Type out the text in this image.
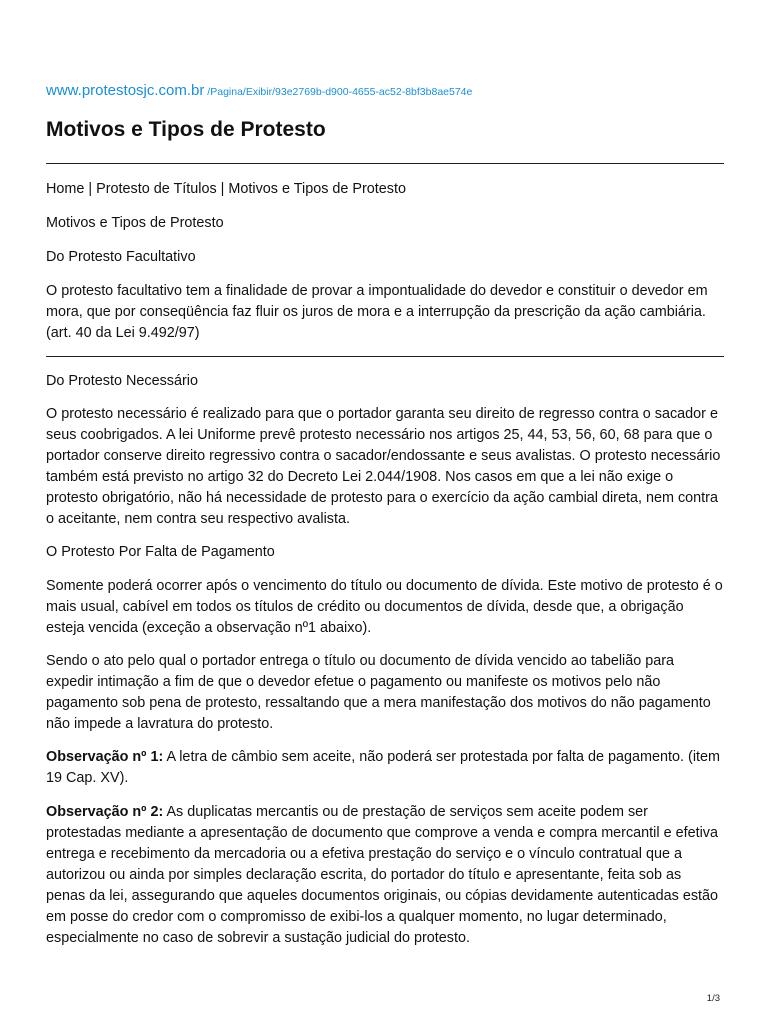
www.protestosjc.com.br /Pagina/Exibir/93e2769b-d900-4655-ac52-8bf3b8ae574e
Motivos e Tipos de Protesto

Home | Protesto de Títulos | Motivos e Tipos de Protesto

Motivos e Tipos de Protesto

Do Protesto Facultativo

O protesto facultativo tem a finalidade de provar a impontualidade do devedor e constituir o devedor em mora, que por conseqüência faz fluir os juros de mora e a interrupção da prescrição da ação cambiária. (art. 40 da Lei 9.492/97)

Do Protesto Necessário

O protesto necessário é realizado para que o portador garanta seu direito de regresso contra o sacador e seus coobrigados. A lei Uniforme prevê protesto necessário nos artigos 25, 44, 53, 56, 60, 68 para que o portador conserve direito regressivo contra o sacador/endossante e seus avalistas. O protesto necessário também está previsto no artigo 32 do Decreto Lei 2.044/1908. Nos casos em que a lei não exige o protesto obrigatório, não há necessidade de protesto para o exercício da ação cambial direta, nem contra o aceitante, nem contra seu respectivo avalista.

O Protesto Por Falta de Pagamento

Somente poderá ocorrer após o vencimento do título ou documento de dívida. Este motivo de protesto é o mais usual, cabível em todos os títulos de crédito ou documentos de dívida, desde que, a obrigação esteja vencida (exceção a observação nº1 abaixo).

Sendo o ato pelo qual o portador entrega o título ou documento de dívida vencido ao tabelião para expedir intimação a fim de que o devedor efetue o pagamento ou manifeste os motivos pelo não pagamento sob pena de protesto, ressaltando que a mera manifestação dos motivos do não pagamento não impede a lavratura do protesto.

Observação nº 1: A letra de câmbio sem aceite, não poderá ser protestada por falta de pagamento. (item 19 Cap. XV).

Observação nº 2: As duplicatas mercantis ou de prestação de serviços sem aceite podem ser protestadas mediante a apresentação de documento que comprove a venda e compra mercantil e efetiva entrega e recebimento da mercadoria ou a efetiva prestação do serviço e o vínculo contratual que a autorizou ou ainda por simples declaração escrita, do portador do título e apresentante, feita sob as penas da lei, assegurando que aqueles documentos originais, ou cópias devidamente autenticadas estão em posse do credor com o compromisso de exibi-los a qualquer momento, no lugar determinado, especialmente no caso de sobrevir a sustação judicial do protesto.

1/3
